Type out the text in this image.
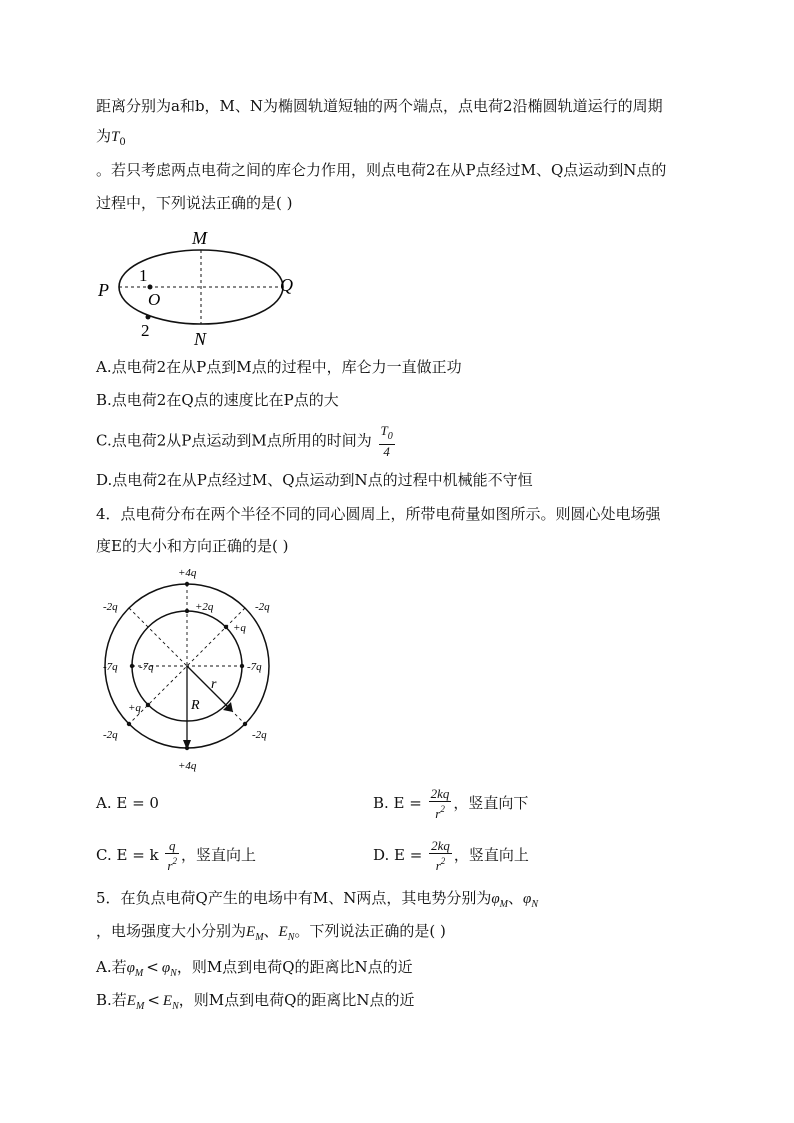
距离分别为a和b，M、N为椭圆轨道短轴的两个端点，点电荷2沿椭圆轨道运行的周期
为$T_0$
。若只考虑两点电荷之间的库仑力作用，则点电荷2在从P点经过M、Q点运动到N点的
过程中，下列说法正确的是( )
M
N
P	Q
O
1
2
A.点电荷2在从P点到M点的过程中，库仑力一直做正功
B.点电荷2在Q点的速度比在P点的大
C.点电荷2从P点运动到M点所用的时间为 $\frac{T_0}{4}$
D.点电荷2在从P点经过M、Q点运动到N点的过程中机械能不守恒
4．点电荷分布在两个半径不同的同心圆周上，所带电荷量如图所示。则圆心处电场强
度E的大小和方向正确的是( )
+4q
+2q
-2q	-2q
+q
-7q -7q	-7q
+q
-2q	-2q
+4q
r
R
A. E = 0	B. $E = \frac{2kq}{r^2}$ ，竖直向下
C. E = k $\frac{q}{r^2}$ ，竖直向上	D. $E = \frac{2kq}{r^2}$ ，竖直向上
5．在负点电荷Q产生的电场中有M、N两点，其电势分别为$\varphi_M$、$\varphi_N$
，电场强度大小分别为$E_M$、$E_N$。下列说法正确的是( )
A.若$\varphi_M < \varphi_N$，则M点到电荷Q的距离比N点的近
B.若$E_M < E_N$，则M点到电荷Q的距离比N点的近
